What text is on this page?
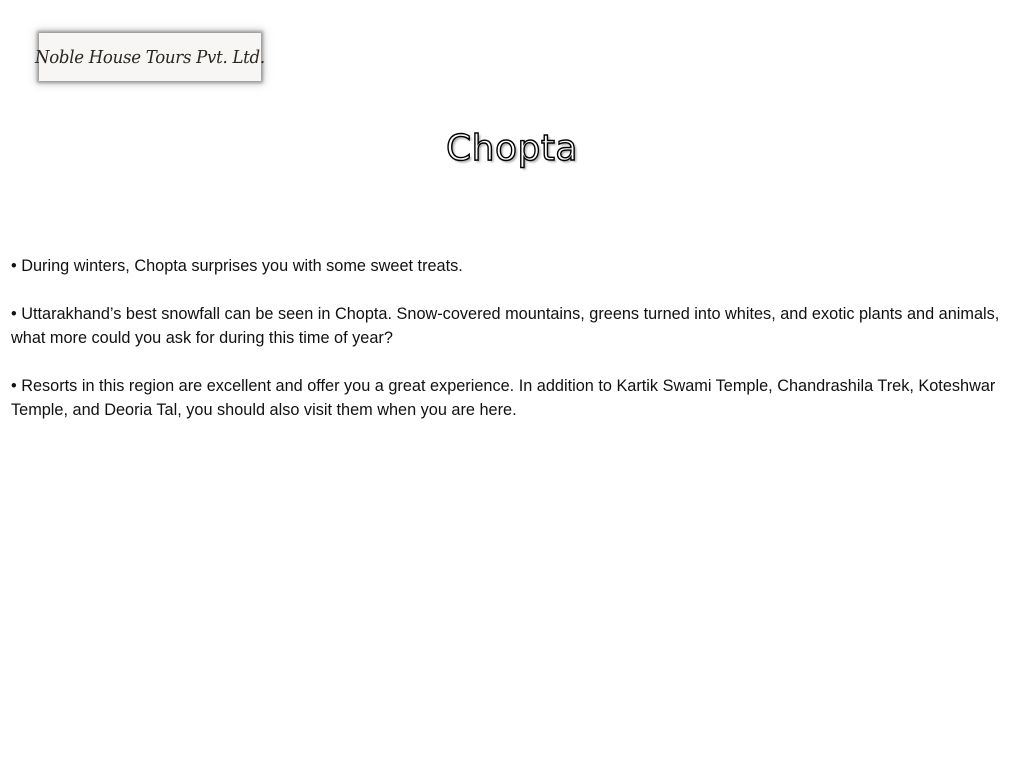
Noble House Tours Pvt. Ltd.
Chopta

• During winters, Chopta surprises you with some sweet treats.

• Uttarakhand’s best snowfall can be seen in Chopta. Snow-covered mountains, greens turned into whites, and exotic plants and animals, what more could you ask for during this time of year?

• Resorts in this region are excellent and offer you a great experience. In addition to Kartik Swami Temple, Chandrashila Trek, Koteshwar Temple, and Deoria Tal, you should also visit them when you are here.
